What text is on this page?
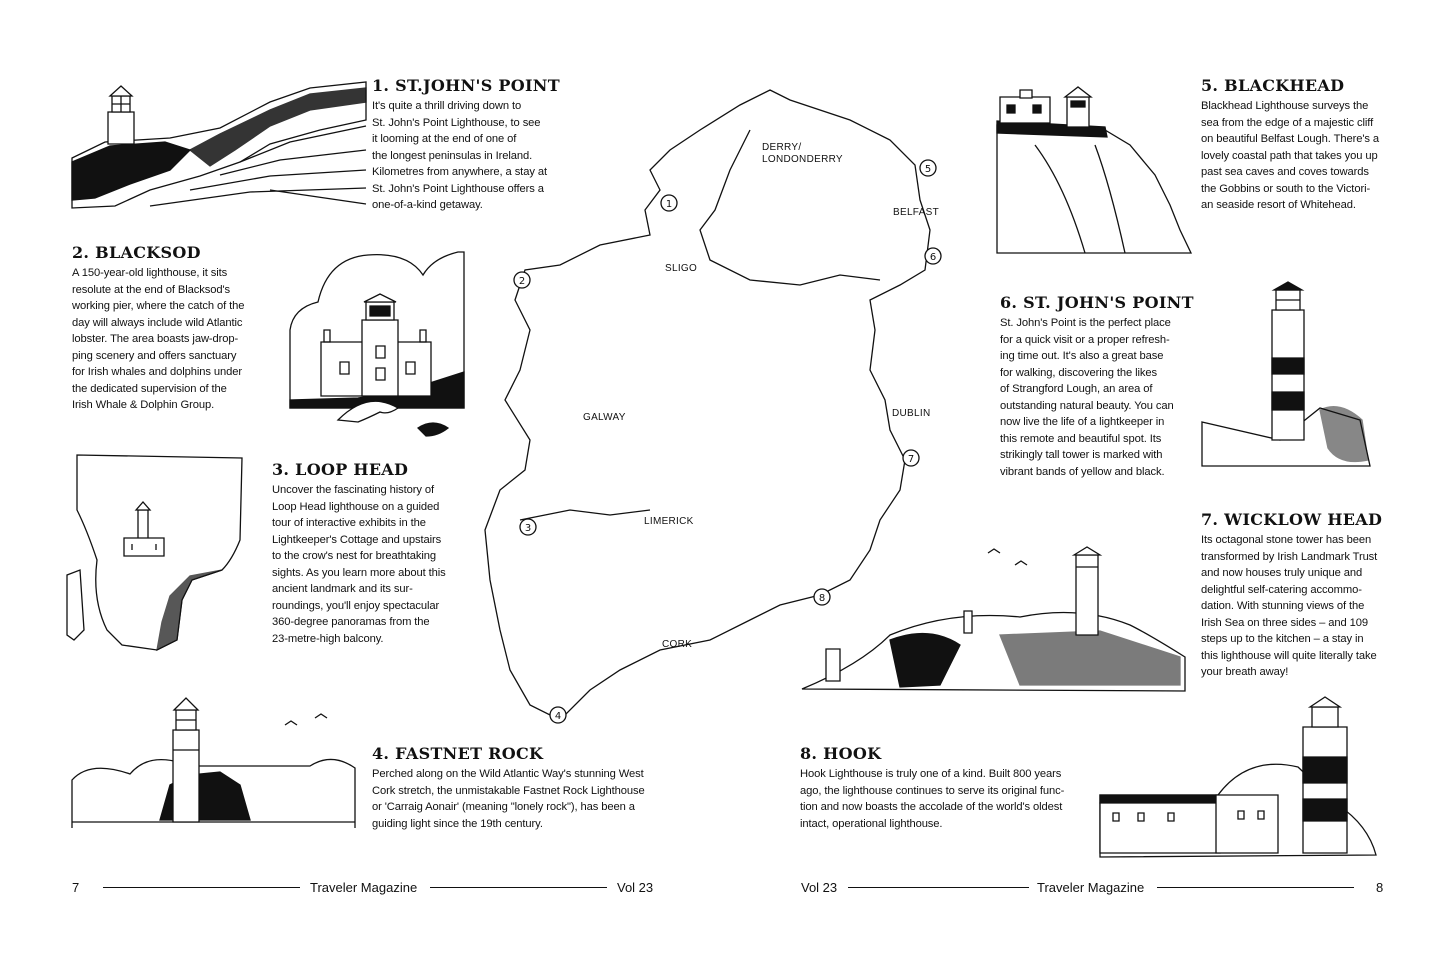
1. ST.JOHN'S POINT
It's quite a thrill driving down to
St. John's Point Lighthouse, to see
it looming at the end of one of
the longest peninsulas in Ireland.
Kilometres from anywhere, a stay at
St. John's Point Lighthouse offers a
one-of-a-kind getaway.
2. BLACKSOD
A 150-year-old lighthouse, it sits
resolute at the end of Blacksod's
working pier, where the catch of the
day will always include wild Atlantic
lobster. The area boasts jaw-drop-
ping scenery and offers sanctuary
for Irish whales and dolphins under
the dedicated supervision of the
Irish Whale & Dolphin Group.
3. LOOP HEAD
Uncover the fascinating history of
Loop Head lighthouse on a guided
tour of interactive exhibits in the
Lightkeeper's Cottage and upstairs
to the crow's nest for breathtaking
sights. As you learn more about this
ancient landmark and its sur-
roundings, you'll enjoy spectacular
360-degree panoramas from the
23-metre-high balcony.
4. FASTNET ROCK
Perched along on the Wild Atlantic Way's stunning West
Cork stretch, the unmistakable Fastnet Rock Lighthouse
or 'Carraig Aonair' (meaning "lonely rock"), has been a
guiding light since the 19th century.
5. BLACKHEAD
Blackhead Lighthouse surveys the
sea from the edge of a majestic cliff
on beautiful Belfast Lough. There's a
lovely coastal path that takes you up
past sea caves and coves towards
the Gobbins or south to the Victori-
an seaside resort of Whitehead.
6. ST. JOHN'S POINT
St. John's Point is the perfect place
for a quick visit or a proper refresh-
ing time out. It's also a great base
for walking, discovering the likes
of Strangford Lough, an area of
outstanding natural beauty. You can
now live the life of a lightkeeper in
this remote and beautiful spot. Its
strikingly tall tower is marked with
vibrant bands of yellow and black.
7. WICKLOW HEAD
Its octagonal stone tower has been
transformed by Irish Landmark Trust
and now houses truly unique and
delightful self-catering accommo-
dation. With stunning views of the
Irish Sea on three sides – and 109
steps up to the kitchen – a stay in
this lighthouse will quite literally take
your breath away!
8. HOOK
Hook Lighthouse is truly one of a kind. Built 800 years
ago, the lighthouse continues to serve its original func-
tion and now boasts the accolade of the world's oldest
intact, operational lighthouse.
DERRY/
LONDONDERRY
BELFAST
SLIGO
GALWAY	DUBLIN
LIMERICK
CORK
1
2
3
4
5
6
7
8
7	Traveler Magazine	Vol 23	Vol 23	Traveler Magazine	8
